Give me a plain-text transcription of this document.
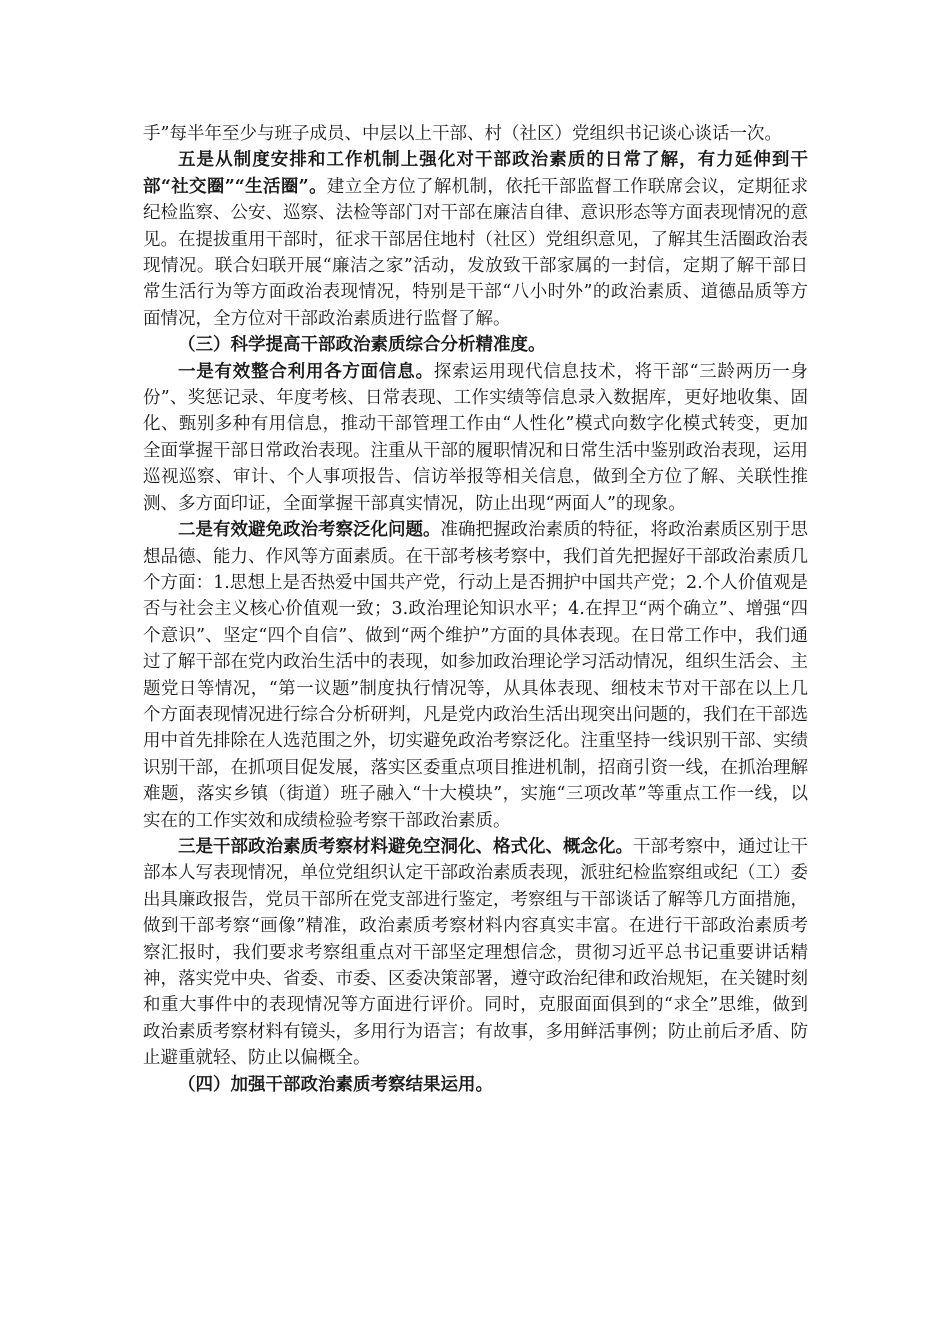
手”每半年至少与班子成员、中层以上干部、村（社区）党组织书记谈心谈话一次。

五是从制度安排和工作机制上强化对干部政治素质的日常了解，有力延伸到干部“社交圈”“生活圈”。建立全方位了解机制，依托干部监督工作联席会议，定期征求纪检监察、公安、巡察、法检等部门对干部在廉洁自律、意识形态等方面表现情况的意见。在提拔重用干部时，征求干部居住地村（社区）党组织意见，了解其生活圈政治表现情况。联合妇联开展“廉洁之家”活动，发放致干部家属的一封信，定期了解干部日常生活行为等方面政治表现情况，特别是干部“八小时外”的政治素质、道德品质等方面情况，全方位对干部政治素质进行监督了解。

（三）科学提高干部政治素质综合分析精准度。

一是有效整合利用各方面信息。探索运用现代信息技术，将干部“三龄两历一身份”、奖惩记录、年度考核、日常表现、工作实绩等信息录入数据库，更好地收集、固化、甄别多种有用信息，推动干部管理工作由“人性化”模式向数字化模式转变，更加全面掌握干部日常政治表现。注重从干部的履职情况和日常生活中鉴别政治表现，运用巡视巡察、审计、个人事项报告、信访举报等相关信息，做到全方位了解、关联性推测、多方面印证，全面掌握干部真实情况，防止出现“两面人”的现象。

二是有效避免政治考察泛化问题。准确把握政治素质的特征，将政治素质区别于思想品德、能力、作风等方面素质。在干部考核考察中，我们首先把握好干部政治素质几个方面：1.思想上是否热爱中国共产党，行动上是否拥护中国共产党；2.个人价值观是否与社会主义核心价值观一致；3.政治理论知识水平；4.在捍卫“两个确立”、增强“四个意识”、坚定“四个自信”、做到“两个维护”方面的具体表现。在日常工作中，我们通过了解干部在党内政治生活中的表现，如参加政治理论学习活动情况，组织生活会、主题党日等情况，“第一议题”制度执行情况等，从具体表现、细枝末节对干部在以上几个方面表现情况进行综合分析研判，凡是党内政治生活出现突出问题的，我们在干部选用中首先排除在人选范围之外，切实避免政治考察泛化。注重坚持一线识别干部、实绩识别干部，在抓项目促发展，落实区委重点项目推进机制，招商引资一线，在抓治理解难题，落实乡镇（街道）班子融入“十大模块”，实施“三项改革”等重点工作一线，以实在的工作实效和成绩检验考察干部政治素质。

三是干部政治素质考察材料避免空洞化、格式化、概念化。干部考察中，通过让干部本人写表现情况，单位党组织认定干部政治素质表现，派驻纪检监察组或纪（工）委出具廉政报告，党员干部所在党支部进行鉴定，考察组与干部谈话了解等几方面措施，做到干部考察“画像”精准，政治素质考察材料内容真实丰富。在进行干部政治素质考察汇报时，我们要求考察组重点对干部坚定理想信念，贯彻习近平总书记重要讲话精神，落实党中央、省委、市委、区委决策部署，遵守政治纪律和政治规矩，在关键时刻和重大事件中的表现情况等方面进行评价。同时，克服面面俱到的“求全”思维，做到政治素质考察材料有镜头，多用行为语言；有故事，多用鲜活事例；防止前后矛盾、防止避重就轻、防止以偏概全。

（四）加强干部政治素质考察结果运用。
